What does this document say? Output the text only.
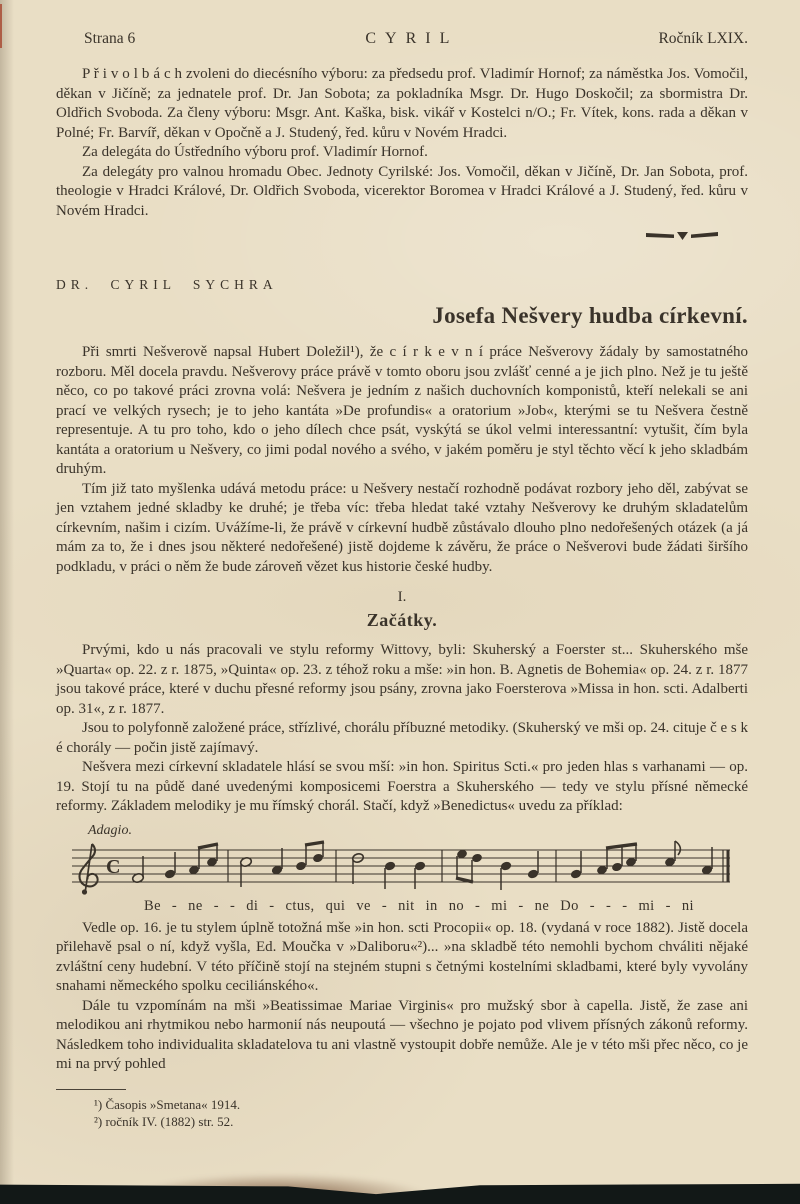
Strana 6	CYRIL	Ročník LXIX.

P ř i v o l b á c h zvoleni do diecésního výboru: za předsedu prof. Vladimír Hornof; za náměstka Jos. Vomočil, děkan v Jičíně; za jednatele prof. Dr. Jan Sobota; za pokladníka Msgr. Dr. Hugo Doskočil; za sbormistra Dr. Oldřich Svoboda. Za členy výboru: Msgr. Ant. Kaška, bisk. vikář v Kostelci n/O.; Fr. Vítek, kons. rada a děkan v Polné; Fr. Barvíř, děkan v Opočně a J. Studený, řed. kůru v Novém Hradci.

Za delegáta do Ústředního výboru prof. Vladimír Hornof.

Za delegáty pro valnou hromadu Obec. Jednoty Cyrilské: Jos. Vomočil, děkan v Jičíně, Dr. Jan Sobota, prof. theologie v Hradci Králové, Dr. Oldřich Svoboda, vicerektor Boromea v Hradci Králové a J. Studený, řed. kůru v Novém Hradci.

DR. CYRIL SYCHRA
Josefa Nešvery hudba církevní.

Při smrti Nešverově napsal Hubert Doležil¹), že c í r k e v n í práce Nešverovy žádaly by samostatného rozboru. Měl docela pravdu. Nešverovy práce právě v tomto oboru jsou zvlášť cenné a je jich plno. Než je tu ještě něco, co po takové práci zrovna volá: Nešvera je jedním z našich duchovních komponistů, kteří nelekali se ani prací ve velkých rysech; je to jeho kantáta »De profundis« a oratorium »Job«, kterými se tu Nešvera čestně representuje. A tu pro toho, kdo o jeho dílech chce psát, vyskýtá se úkol velmi interessantní: vytušit, čím byla kantáta a oratorium u Nešvery, co jimi podal nového a svého, v jakém poměru je styl těchto věcí k jeho skladbám druhým.

Tím již tato myšlenka udává metodu práce: u Nešvery nestačí rozhodně podávat rozbory jeho děl, zabývat se jen vztahem jedné skladby ke druhé; je třeba víc: třeba hledat také vztahy Nešverovy ke druhým skladatelům církevním, našim i cizím. Uvážíme-li, že právě v církevní hudbě zůstávalo dlouho plno nedořešených otázek (a já mám za to, že i dnes jsou některé nedořešené) jistě dojdeme k závěru, že práce o Nešverovi bude žádati širšího podkladu, v práci o něm že bude zároveň vězet kus historie české hudby.

I.
Začátky.

Prvými, kdo u nás pracovali ve stylu reformy Wittovy, byli: Skuherský a Foerster st... Skuherského mše »Quarta« op. 22. z r. 1875, »Quinta« op. 23. z téhož roku a mše: »in hon. B. Agnetis de Bohemia« op. 24. z r. 1877 jsou takové práce, které v duchu přesné reformy jsou psány, zrovna jako Foersterova »Missa in hon. scti. Adalberti op. 31«, z r. 1877.

Jsou to polyfonně založené práce, střízlivé, chorálu příbuzné metodiky. (Skuherský ve mši op. 24. cituje č e s k é chorály — počin jistě zajímavý.

Nešvera mezi církevní skladatele hlásí se svou mší: »in hon. Spiritus Scti.« pro jeden hlas s varhanami — op. 19. Stojí tu na půdě dané uvedenými komposicemi Foerstra a Skuherského — tedy ve stylu přísné německé reformy. Základem melodiky je mu římský chorál. Stačí, když »Benedictus« uvedu za příklad:

Adagio.
C
Be - ne - - di - ctus, qui ve - nit in no - mi - ne Do - - - mi - ni

Vedle op. 16. je tu stylem úplně totožná mše »in hon. scti Procopii« op. 18. (vydaná v roce 1882). Jistě docela přilehavě psal o ní, když vyšla, Ed. Moučka v »Daliboru«²)... »na skladbě této nemohli bychom chváliti nějaké zvláštní ceny hudební. V této příčině stojí na stejném stupni s četnými kostelními skladbami, které byly vyvolány snahami německého spolku ceciliánského«.

Dále tu vzpomínám na mši »Beatissimae Mariae Virginis« pro mužský sbor à capella. Jistě, že zase ani melodikou ani rhytmikou nebo harmonií nás neupoutá — všechno je pojato pod vlivem přísných zákonů reformy. Následkem toho individualita skladatelova tu ani vlastně vystoupit dobře nemůže. Ale je v této mši přec něco, co je mi na prvý pohled

¹) Časopis »Smetana« 1914.

²) ročník IV. (1882) str. 52.
